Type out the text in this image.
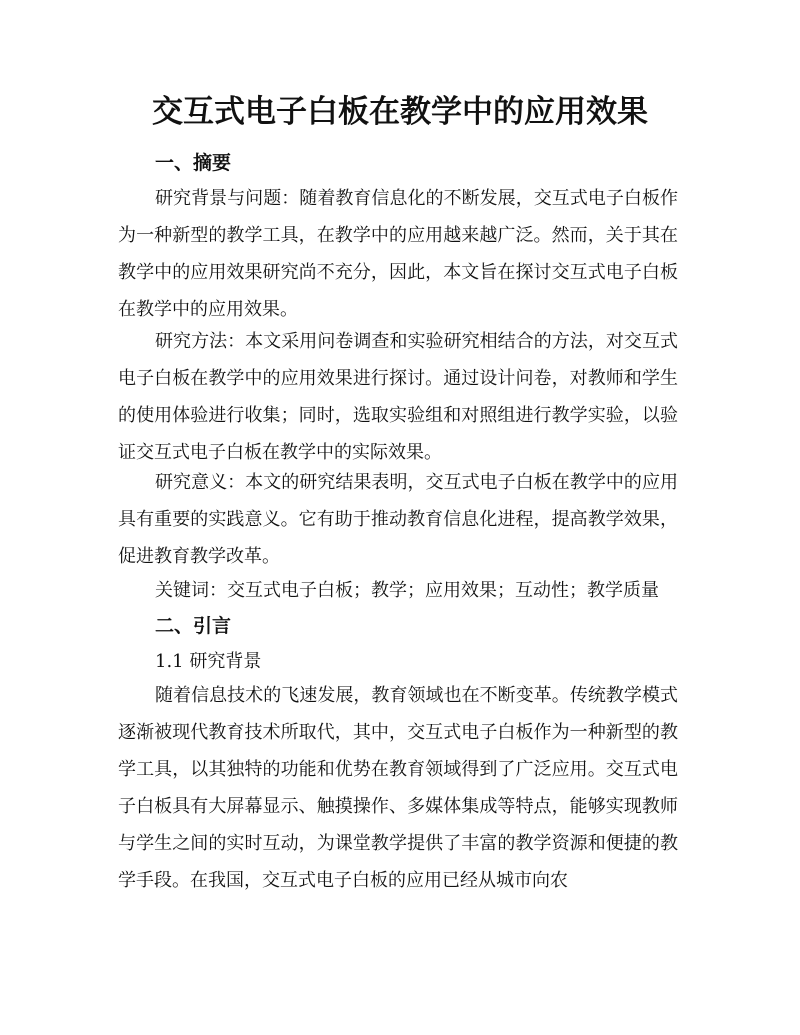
交互式电子白板在教学中的应用效果
一、摘要

研究背景与问题：随着教育信息化的不断发展，交互式电子白板作为一种新型的教学工具，在教学中的应用越来越广泛。然而，关于其在教学中的应用效果研究尚不充分，因此，本文旨在探讨交互式电子白板在教学中的应用效果。

研究方法：本文采用问卷调查和实验研究相结合的方法，对交互式电子白板在教学中的应用效果进行探讨。通过设计问卷，对教师和学生的使用体验进行收集；同时，选取实验组和对照组进行教学实验，以验证交互式电子白板在教学中的实际效果。

研究意义：本文的研究结果表明，交互式电子白板在教学中的应用具有重要的实践意义。它有助于推动教育信息化进程，提高教学效果，促进教育教学改革。

关键词：交互式电子白板；教学；应用效果；互动性；教学质量
二、引言
1.1 研究背景

随着信息技术的飞速发展，教育领域也在不断变革。传统教学模式逐渐被现代教育技术所取代，其中，交互式电子白板作为一种新型的教学工具，以其独特的功能和优势在教育领域得到了广泛应用。交互式电子白板具有大屏幕显示、触摸操作、多媒体集成等特点，能够实现教师与学生之间的实时互动，为课堂教学提供了丰富的教学资源和便捷的教学手段。在我国，交互式电子白板的应用已经从城市向农
